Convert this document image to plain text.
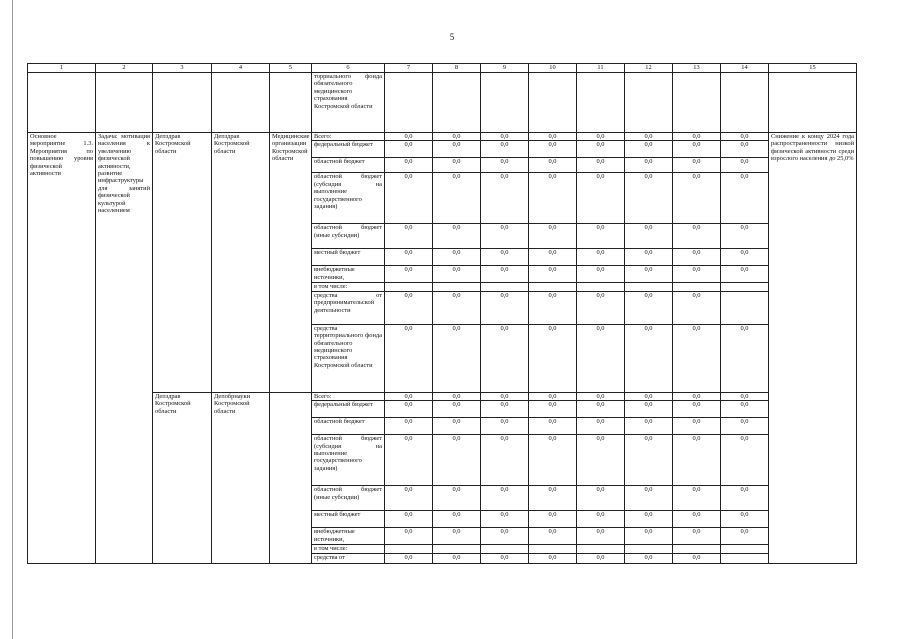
5
1	2	3	4	5	6	7	8	9	10	11	12	13	14	15
					торриального фонда обязательного медицинского страхования Костромской области									
Основное мероприятие 1.3. Мероприятия по повышению уровня физической активности	Задача: мотивация населения к увеличению физической активности, развитие инфраструктуры для занятий физической культурой населением	Депздрав Костромской области	Депздрав Костромской области	Медицинские организации Костромской области	Всего:	0,0	0,0	0,0	0,0	0,0	0,0	0,0	0,0	Снижение к концу 2024 года распространенности низкой физической активности среди взрослого населения до 25,0%
					федеральный бюджет	0,0	0,0	0,0	0,0	0,0	0,0	0,0	0,0	
					областной бюджет	0,0	0,0	0,0	0,0	0,0	0,0	0,0	0,0	
					областной бюджет (субсидия на выполнение государственного задания)	0,0	0,0	0,0	0,0	0,0	0,0	0,0	0,0	
					областной бюджет (иные субсидии)	0,0	0,0	0,0	0,0	0,0	0,0	0,0	0,0	
					местный бюджет	0,0	0,0	0,0	0,0	0,0	0,0	0,0	0,0	
					внебюджетные источники,	0,0	0,0	0,0	0,0	0,0	0,0	0,0	0,0	
					в том числе:									
					средства от предпринимательской деятельности	0,0	0,0	0,0	0,0	0,0	0,0	0,0		
					средства территориального фонда обязательного медицинского страхования Костромской области	0,0	0,0	0,0	0,0	0,0	0,0	0,0	0,0	
		Депздрав Костромской области	Депобрнауки Костромской области		Всего:	0,0	0,0	0,0	0,0	0,0	0,0	0,0	0,0	
					федеральный бюджет	0,0	0,0	0,0	0,0	0,0	0,0	0,0	0,0	
					областной бюджет	0,0	0,0	0,0	0,0	0,0	0,0	0,0	0,0	
					областной бюджет (субсидия на выполнение государственного задания)	0,0	0,0	0,0	0,0	0,0	0,0	0,0	0,0	
					областной бюджет (иные субсидии)	0,0	0,0	0,0	0,0	0,0	0,0	0,0	0,0	
					местный бюджет	0,0	0,0	0,0	0,0	0,0	0,0	0,0	0,0	
					внебюджетные источники,	0,0	0,0	0,0	0,0	0,0	0,0	0,0	0,0	
					в том числе:									
					средства от	0,0	0,0	0,0	0,0	0,0	0,0	0,0		
